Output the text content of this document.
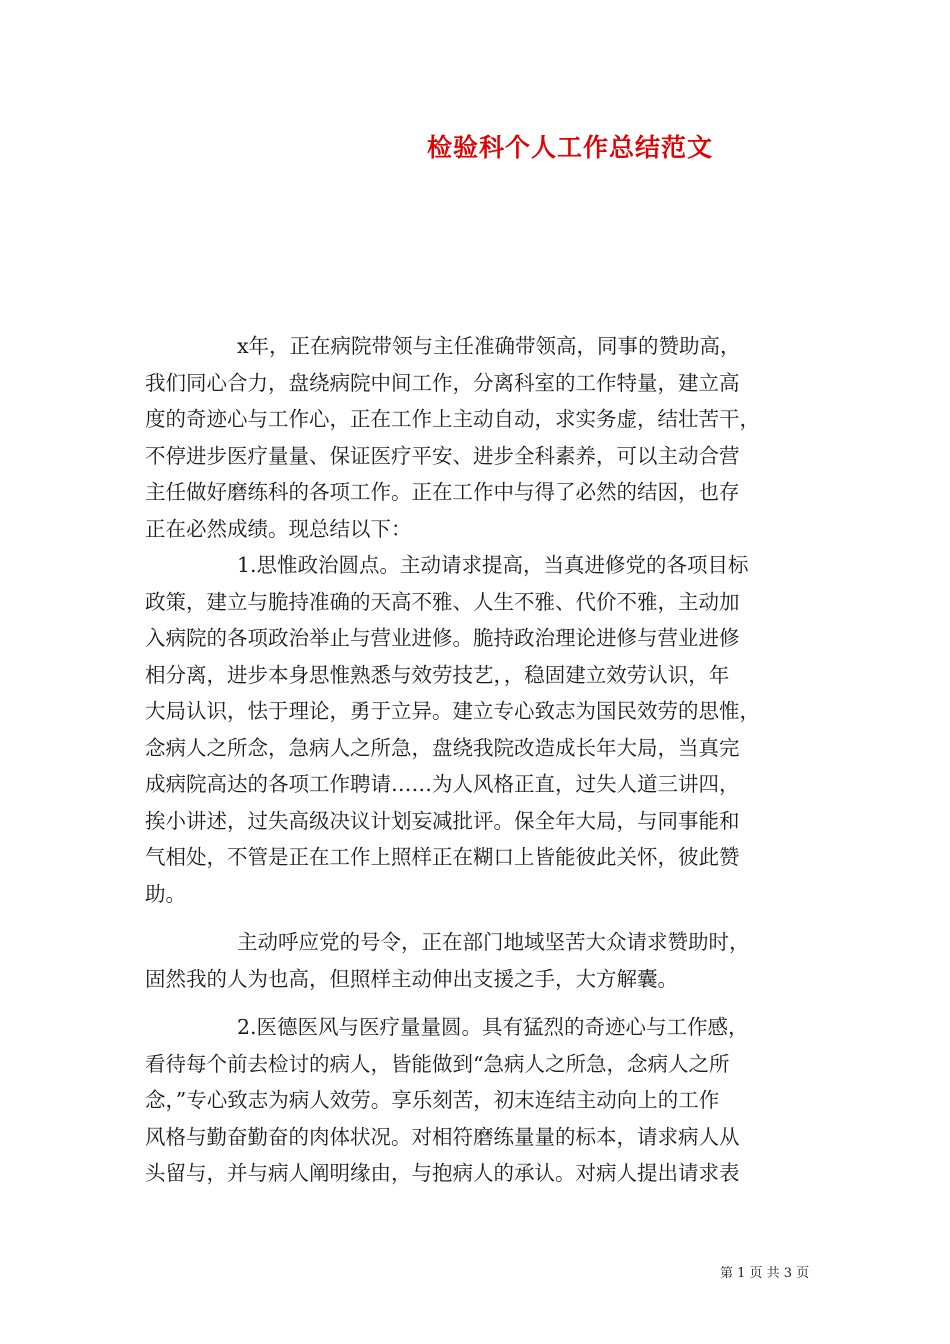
检验科个人工作总结范文
x年，正在病院带领与主任准确带领高，同事的赞助高，
我们同心合力，盘绕病院中间工作，分离科室的工作特量，建立高
度的奇迹心与工作心，正在工作上主动自动，求实务虚，结壮苦干，
不停进步医疗量量、保证医疗平安、进步全科素养，可以主动合营
主任做好磨练科的各项工作。正在工作中与得了必然的结因，也存
正在必然成绩。现总结以下：
1.思惟政治圆点。主动请求提高，当真进修党的各项目标
政策，建立与脆持准确的天高不雅、人生不雅、代价不雅，主动加
入病院的各项政治举止与营业进修。脆持政治理论进修与营业进修
相分离，进步本身思惟熟悉与效劳技艺，，稳固建立效劳认识，年
大局认识，怯于理论，勇于立异。建立专心致志为国民效劳的思惟，
念病人之所念，急病人之所急，盘绕我院改造成长年大局，当真完
成病院高达的各项工作聘请……为人风格正直，过失人道三讲四，
挨小讲述，过失高级决议计划妄减批评。保全年大局，与同事能和
气相处，不管是正在工作上照样正在糊口上皆能彼此关怀，彼此赞
助。
主动呼应党的号令，正在部门地域坚苦大众请求赞助时，
固然我的人为也高，但照样主动伸出支援之手，大方解囊。
2.医德医风与医疗量量圆。具有猛烈的奇迹心与工作感，
看待每个前去检讨的病人，皆能做到“急病人之所急，念病人之所
念，”专心致志为病人效劳。享乐刻苦，初末连结主动向上的工作
风格与勤奋勤奋的肉体状况。对相符磨练量量的标本，请求病人从
头留与，并与病人阐明缘由，与抱病人的承认。对病人提出请求表
第 1 页 共 3 页
